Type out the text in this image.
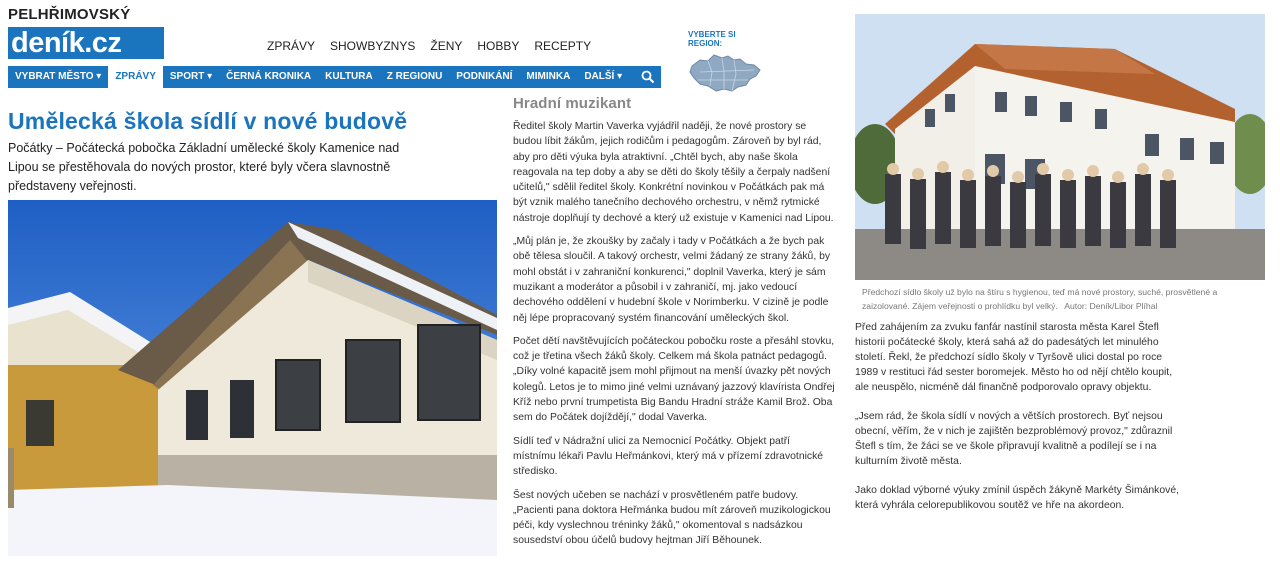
PELHŘIMOVSKÝ
deník.cz	ZPRÁVY SHOWBYZNYS ŽENY HOBBY RECEPTY
VYBERTE SI REGION:
VYBRAT MĚSTO ▾	ZPRÁVY	SPORT ▾	ČERNÁ KRONIKA	KULTURA	Z REGIONU	PODNIKÁNÍ	MIMINKA	DALŠÍ ▾
Umělecká škola sídlí v nové budově

Počátky – Počátecká pobočka Základní umělecké školy Kamenice nad Lipou se přestěhovala do nových prostor, které byly včera slavnostně představeny veřejnosti.

Hradní muzikant

Ředitel školy Martin Vaverka vyjádřil naději, že nové prostory se budou líbit žákům, jejich rodičům i pedagogům. Zároveň by byl rád, aby pro děti výuka byla atraktivní. „Chtěl bych, aby naše škola reagovala na tep doby a aby se děti do školy těšily a čerpaly nadšení učitelů," sdělil ředitel školy. Konkrétní novinkou v Počátkách pak má být vznik malého tanečního dechového orchestru, v němž rytmické nástroje doplňují ty dechové a který už existuje v Kamenici nad Lipou.

„Můj plán je, že zkoušky by začaly i tady v Počátkách a že bych pak obě tělesa sloučil. A takový orchestr, velmi žádaný ze strany žáků, by mohl obstát i v zahraniční konkurenci," doplnil Vaverka, který je sám muzikant a moderátor a působil i v zahraničí, mj. jako vedoucí dechového oddělení v hudební škole v Norimberku. V cizině je podle něj lépe propracovaný systém financování uměleckých škol.

Počet dětí navštěvujících počáteckou pobočku roste a přesáhl stovku, což je třetina všech žáků školy. Celkem má škola patnáct pedagogů. „Díky volné kapacitě jsem mohl přijmout na menší úvazky pět nových kolegů. Letos je to mimo jiné velmi uznávaný jazzový klavírista Ondřej Kříž nebo první trumpetista Big Bandu Hradní stráže Kamil Brož. Oba sem do Počátek dojíždějí," dodal Vaverka.

Sídlí teď v Nádražní ulici za Nemocnicí Počátky. Objekt patří místnímu lékaři Pavlu Heřmánkovi, který má v přízemí zdravotnické středisko.

Šest nových učeben se nachází v prosvětleném patře budovy. „Pacienti pana doktora Heřmánka budou mít zároveň muzikologickou péči, kdy vyslechnou tréninky žáků," okomentoval s nadsázkou sousedství obou účelů budovy hejtman Jiří Běhounek.

Předchozí sídlo školy už bylo na štíru s hygienou, teď má nové prostory, suché, prosvětlené a zaizolované. Zájem veřejnosti o prohlídku byl velký. Autor: Deník/Libor Plíhal

Před zahájením za zvuku fanfár nastínil starosta města Karel Štefl historii počátecké školy, která sahá až do padesátých let minulého století. Řekl, že předchozí sídlo školy v Tyršově ulici dostal po roce 1989 v restituci řád sester boromejek. Město ho od nějí chtělo koupit, ale neuspělo, nicméně dál finančně podporovalo opravy objektu.

„Jsem rád, že škola sídlí v nových a větších prostorech. Byť nejsou obecní, věřím, že v nich je zajištěn bezproblémový provoz," zdůraznil Štefl s tím, že žáci se ve škole připravují kvalitně a podílejí se i na kulturním životě města.

Jako doklad výborné výuky zmínil úspěch žákyně Markéty Šimánkové, která vyhrála celorepublikovou soutěž ve hře na akordeon.
